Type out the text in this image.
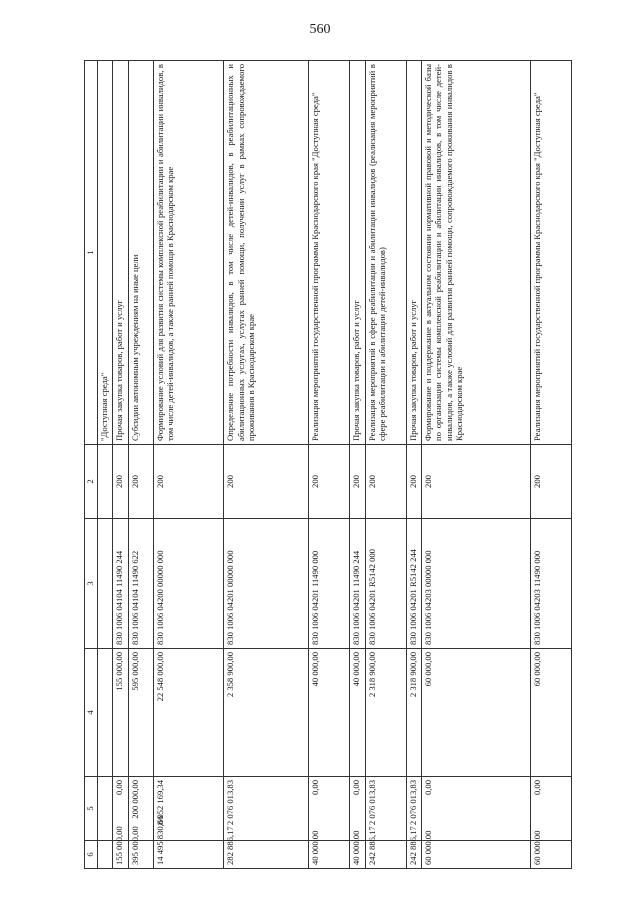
560
6	5	4	3	2	1
					"Доступная среда"
155 000,00	0,00	155 000,00	830 1006 04104 11490 244	200	Прочая закупка товаров, работ и услуг
395 000,00	200 000,00	595 000,00	830 1006 04104 11490 622	200	Субсидии автономным учреждениям на иные цели
14 495 830,66	8 052 169,34	22 548 000,00	830 1006 04200 00000 000	200	Формирование условий для развития системы комплексной реабилитации и абилитации инвалидов, в том числе детей-инвалидов, а также ранней помощи в Краснодарском крае
282 886,17	2 076 013,83	2 358 900,00	830 1006 04201 00000 000	200	Определение потребности инвалидов, в том числе детей-инвалидов, в реабилитационных и абилитационных услугах, услугах ранней помощи, получении услуг в рамках сопровождаемого проживания в Краснодарском крае
40 000,00	0,00	40 000,00	830 1006 04201 11490 000	200	Реализация мероприятий государственной программы Краснодарского края "Доступная среда"
40 000,00	0,00	40 000,00	830 1006 04201 11490 244	200	Прочая закупка товаров, работ и услуг
242 886,17	2 076 013,83	2 318 900,00	830 1006 04201 R5142 000	200	Реализация мероприятий в сфере реабилитации и абилитации инвалидов (реализация мероприятий в сфере реабилитации и абилитации детей-инвалидов)
242 886,17	2 076 013,83	2 318 900,00	830 1006 04201 R5142 244	200	Прочая закупка товаров, работ и услуг
60 000,00	0,00	60 000,00	830 1006 04203 00000 000	200	Формирование и поддержание в актуальном состоянии нормативной правовой и методической базы по организации системы комплексной реабилитации и абилитации инвалидов, в том числе детей-инвалидов, а также условий для развития ранней помощи, сопровождаемого проживания инвалидов в Краснодарском крае
60 000,00	0,00	60 000,00	830 1006 04203 11490 000	200	Реализация мероприятий государственной программы Краснодарского края "Доступная среда"
